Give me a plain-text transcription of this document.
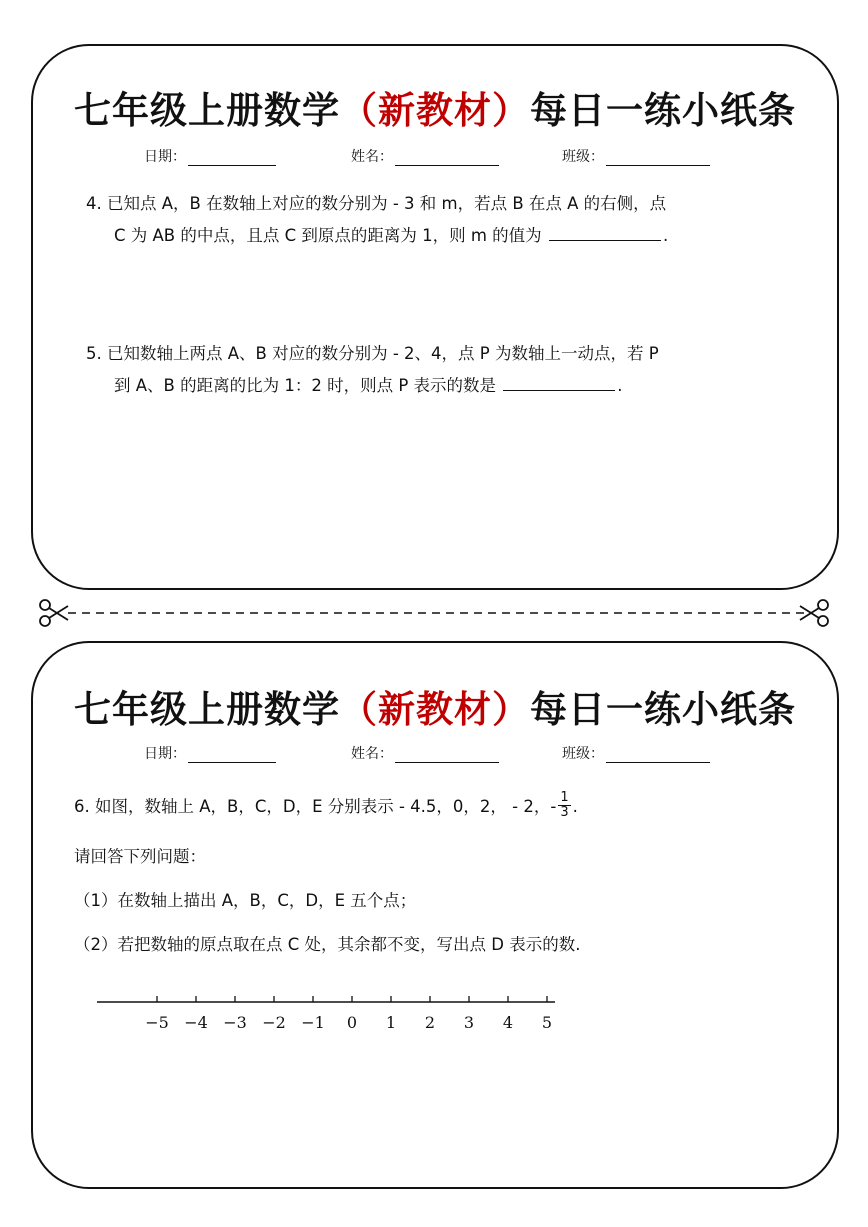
七年级上册数学（新教材）每日一练小纸条
日期：	姓名：	班级：
4. 已知点 A，B 在数轴上对应的数分别为 - 3 和 m，若点 B 在点 A 的右侧，点
C 为 AB 的中点，且点 C 到原点的距离为 1，则 m 的值为	.
5. 已知数轴上两点 A、B 对应的数分别为 - 2、4，点 P 为数轴上一动点，若 P
到 A、B 的距离的比为 1：2 时，则点 P 表示的数是	.
七年级上册数学（新教材）每日一练小纸条
日期：	姓名：	班级：
6. 如图，数轴上 A，B，C，D，E 分别表示 - 4.5，0，2， - 2，- $\frac{1}{3}$ .
请回答下列问题：
（1）在数轴上描出 A，B，C，D，E 五个点；
（2）若把数轴的原点取在点 C 处，其余都不变，写出点 D 表示的数.
−5 −4 −3 −2 −1 0 1 2 3 4 5
